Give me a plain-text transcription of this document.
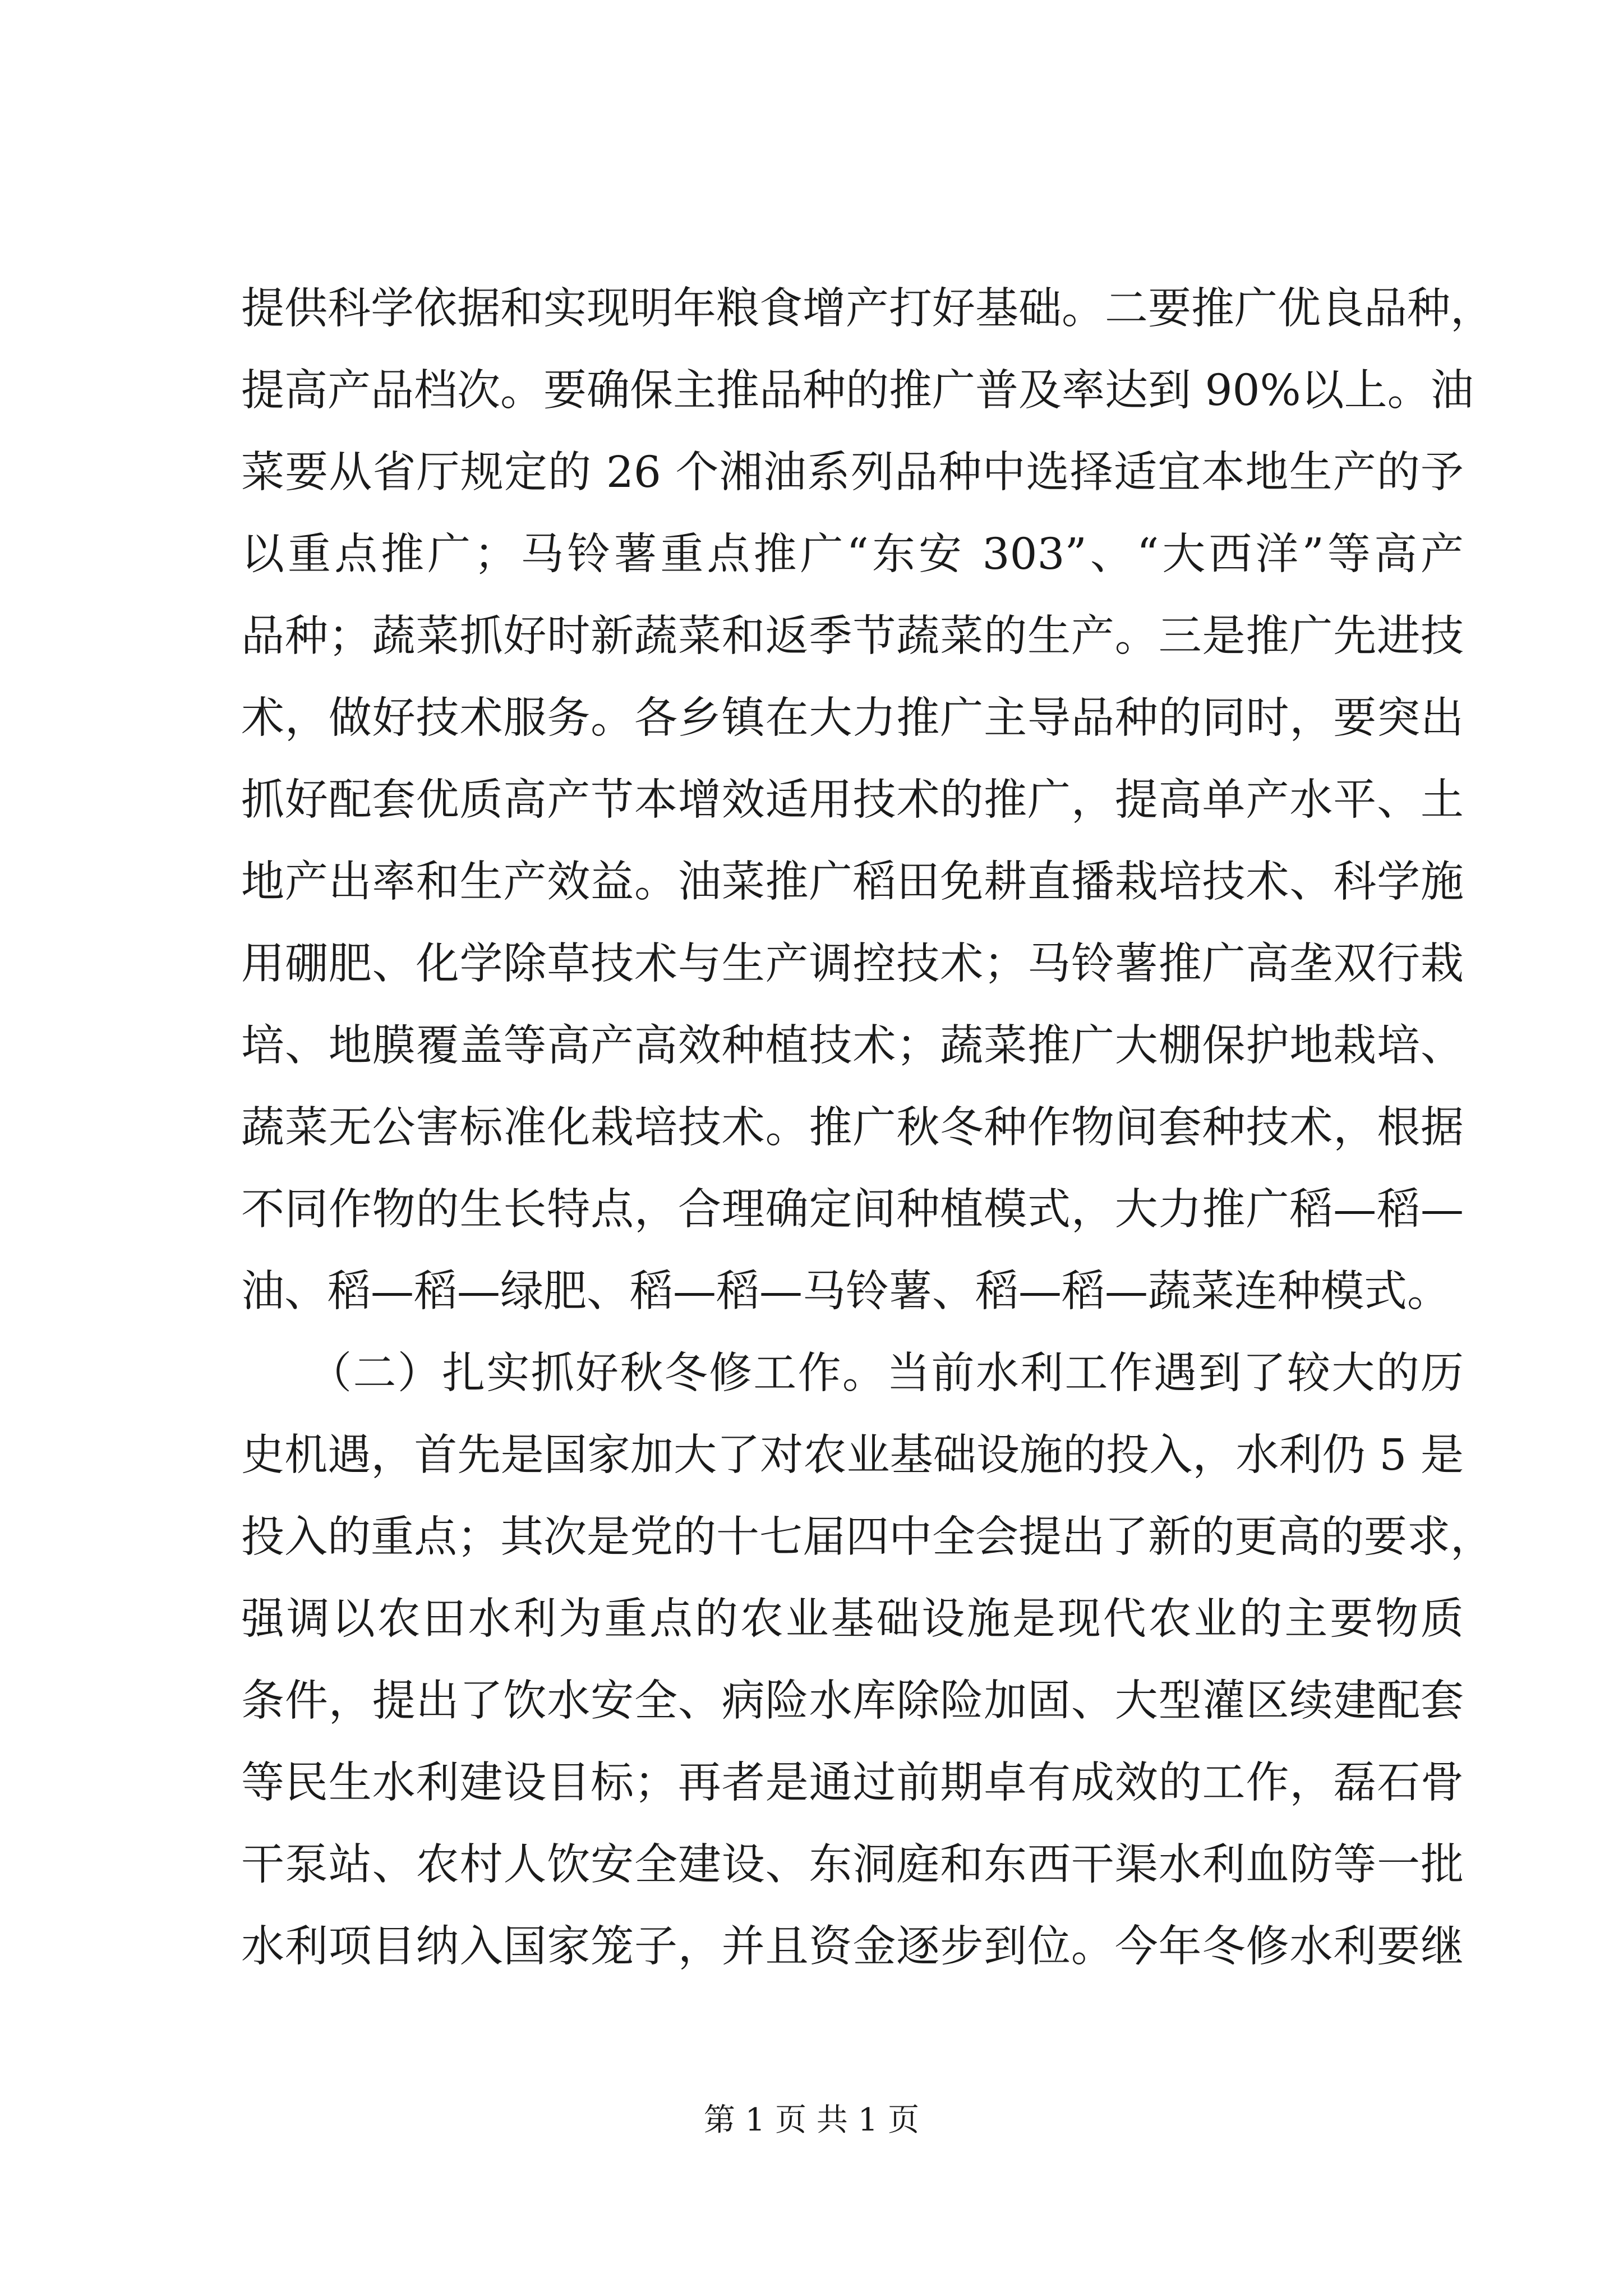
提供科学依据和实现明年粮食增产打好基础。二要推广优良品种，
提高产品档次。要确保主推品种的推广普及率达到 90%以上。油
菜要从省厅规定的 26 个湘油系列品种中选择适宜本地生产的予
以重点推广；马铃薯重点推广“东安 303”、“大西洋”等高产
品种；蔬菜抓好时新蔬菜和返季节蔬菜的生产。三是推广先进技
术，做好技术服务。各乡镇在大力推广主导品种的同时，要突出
抓好配套优质高产节本增效适用技术的推广，提高单产水平、土
地产出率和生产效益。油菜推广稻田免耕直播栽培技术、科学施
用硼肥、化学除草技术与生产调控技术；马铃薯推广高垄双行栽
培、地膜覆盖等高产高效种植技术；蔬菜推广大棚保护地栽培、
蔬菜无公害标准化栽培技术。推广秋冬种作物间套种技术，根据
不同作物的生长特点，合理确定间种植模式，大力推广稻—稻—
油、稻—稻—绿肥、稻—稻—马铃薯、稻—稻—蔬菜连种模式。
　　（二）扎实抓好秋冬修工作。当前水利工作遇到了较大的历
史机遇，首先是国家加大了对农业基础设施的投入，水利仍 5 是
投入的重点；其次是党的十七届四中全会提出了新的更高的要求，
强调以农田水利为重点的农业基础设施是现代农业的主要物质
条件，提出了饮水安全、病险水库除险加固、大型灌区续建配套
等民生水利建设目标；再者是通过前期卓有成效的工作，磊石骨
干泵站、农村人饮安全建设、东洞庭和东西干渠水利血防等一批
水利项目纳入国家笼子，并且资金逐步到位。今年冬修水利要继
第 1 页 共 1 页
